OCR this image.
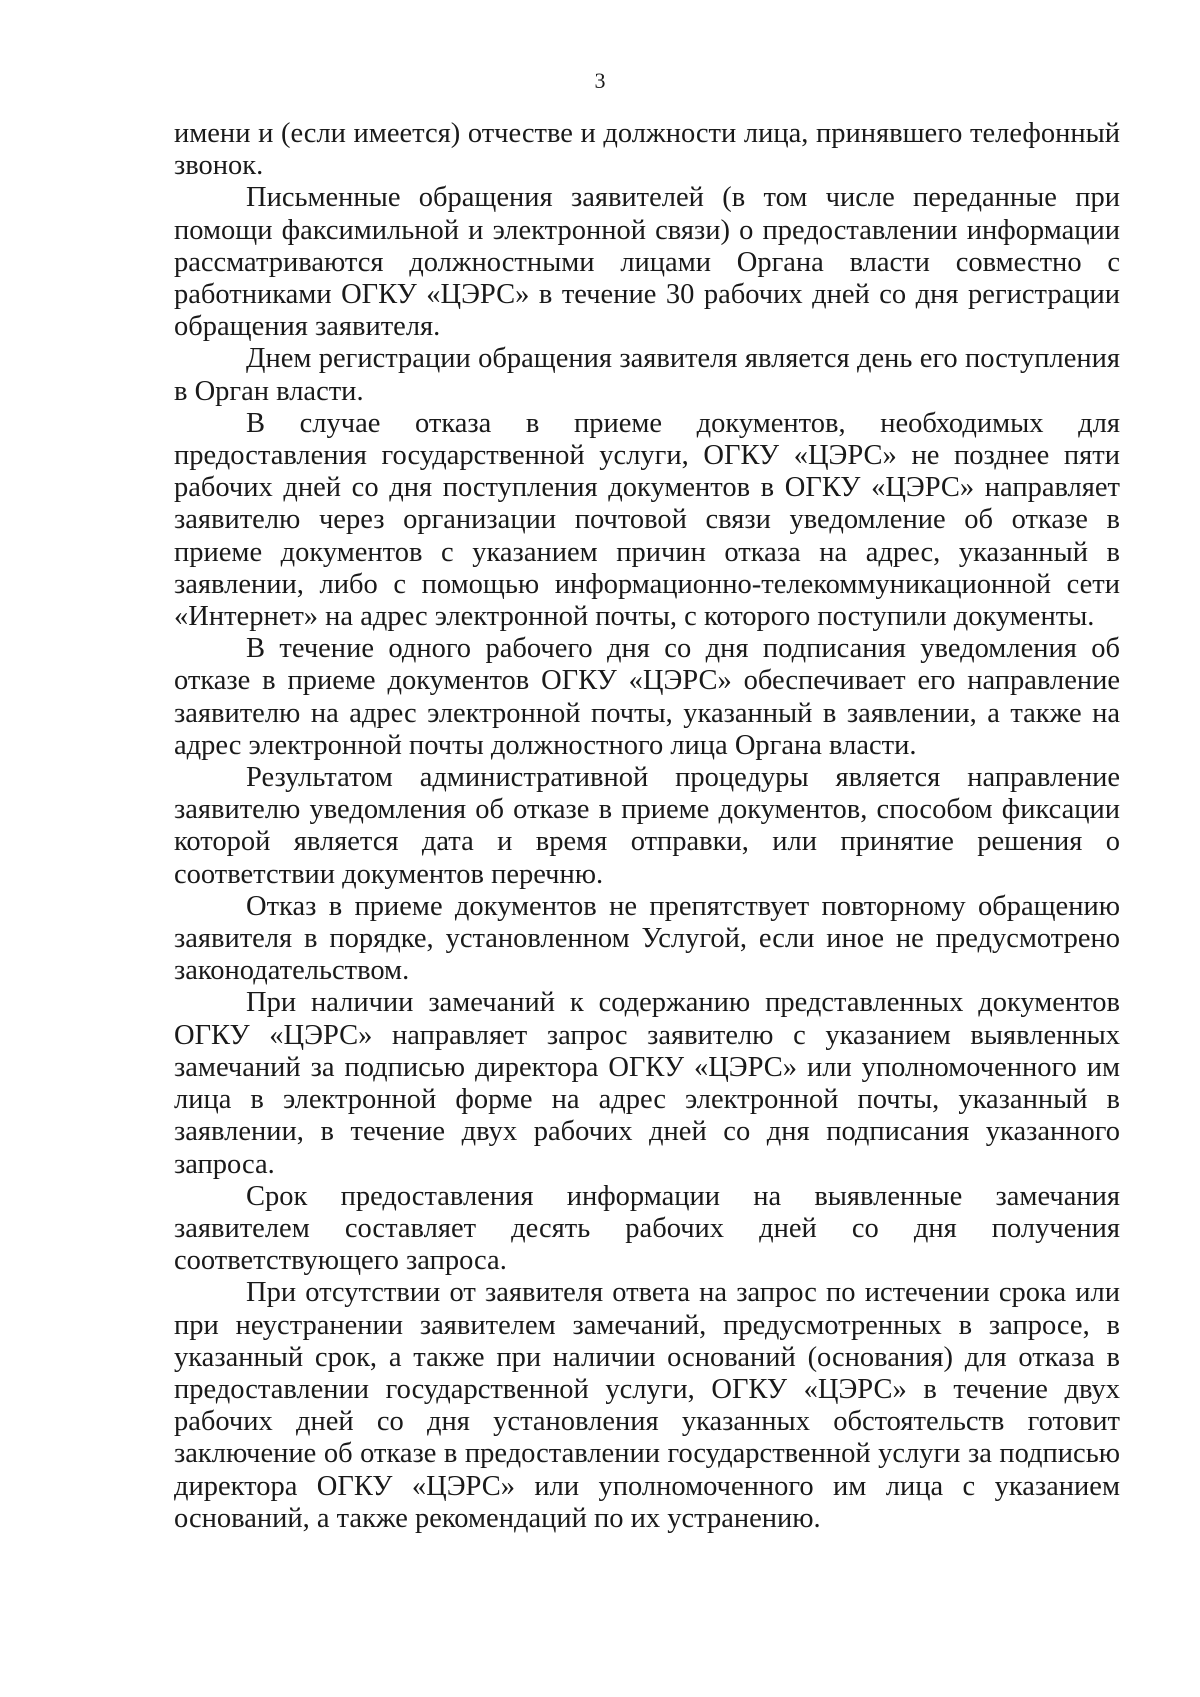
3

имени и (если имеется) отчестве и должности лица, принявшего телефонный звонок.

Письменные обращения заявителей (в том числе переданные при помощи факсимильной и электронной связи) о предоставлении информации рассматриваются должностными лицами Органа власти совместно с работниками ОГКУ «ЦЭРС» в течение 30 рабочих дней со дня регистрации обращения заявителя.

Днем регистрации обращения заявителя является день его поступления в Орган власти.

В случае отказа в приеме документов, необходимых для предоставления государственной услуги, ОГКУ «ЦЭРС» не позднее пяти рабочих дней со дня поступления документов в ОГКУ «ЦЭРС» направляет заявителю через организации почтовой связи уведомление об отказе в приеме документов с указанием причин отказа на адрес, указанный в заявлении, либо с помощью информационно-телекоммуникационной сети «Интернет» на адрес электронной почты, с которого поступили документы.

В течение одного рабочего дня со дня подписания уведомления об отказе в приеме документов ОГКУ «ЦЭРС» обеспечивает его направление заявителю на адрес электронной почты, указанный в заявлении, а также на адрес электронной почты должностного лица Органа власти.

Результатом административной процедуры является направление заявителю уведомления об отказе в приеме документов, способом фиксации которой является дата и время отправки, или принятие решения о соответствии документов перечню.

Отказ в приеме документов не препятствует повторному обращению заявителя в порядке, установленном Услугой, если иное не предусмотрено законодательством.

При наличии замечаний к содержанию представленных документов ОГКУ «ЦЭРС» направляет запрос заявителю с указанием выявленных замечаний за подписью директора ОГКУ «ЦЭРС» или уполномоченного им лица в электронной форме на адрес электронной почты, указанный в заявлении, в течение двух рабочих дней со дня подписания указанного запроса.

Срок предоставления информации на выявленные замечания заявителем составляет десять рабочих дней со дня получения соответствующего запроса.

При отсутствии от заявителя ответа на запрос по истечении срока или при неустранении заявителем замечаний, предусмотренных в запросе, в указанный срок, а также при наличии оснований (основания) для отказа в предоставлении государственной услуги, ОГКУ «ЦЭРС» в течение двух рабочих дней со дня установления указанных обстоятельств готовит заключение об отказе в предоставлении государственной услуги за подписью директора ОГКУ «ЦЭРС» или уполномоченного им лица с указанием оснований, а также рекомендаций по их устранению.
